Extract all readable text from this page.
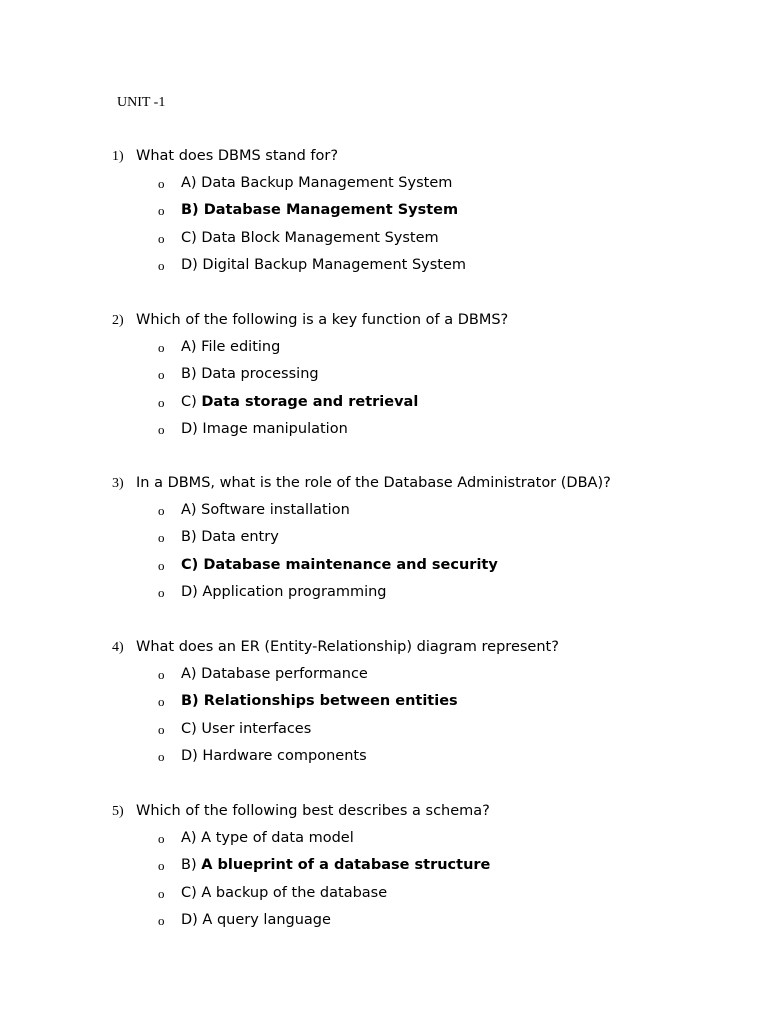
UNIT -1
1) What does DBMS stand for?
o A) Data Backup Management System
o B) Database Management System
o C) Data Block Management System
o D) Digital Backup Management System
2) Which of the following is a key function of a DBMS?
o A) File editing
o B) Data processing
o C) Data storage and retrieval
o D) Image manipulation
3) In a DBMS, what is the role of the Database Administrator (DBA)?
o A) Software installation
o B) Data entry
o C) Database maintenance and security
o D) Application programming
4) What does an ER (Entity-Relationship) diagram represent?
o A) Database performance
o B) Relationships between entities
o C) User interfaces
o D) Hardware components
5) Which of the following best describes a schema?
o A) A type of data model
o B) A blueprint of a database structure
o C) A backup of the database
o D) A query language
